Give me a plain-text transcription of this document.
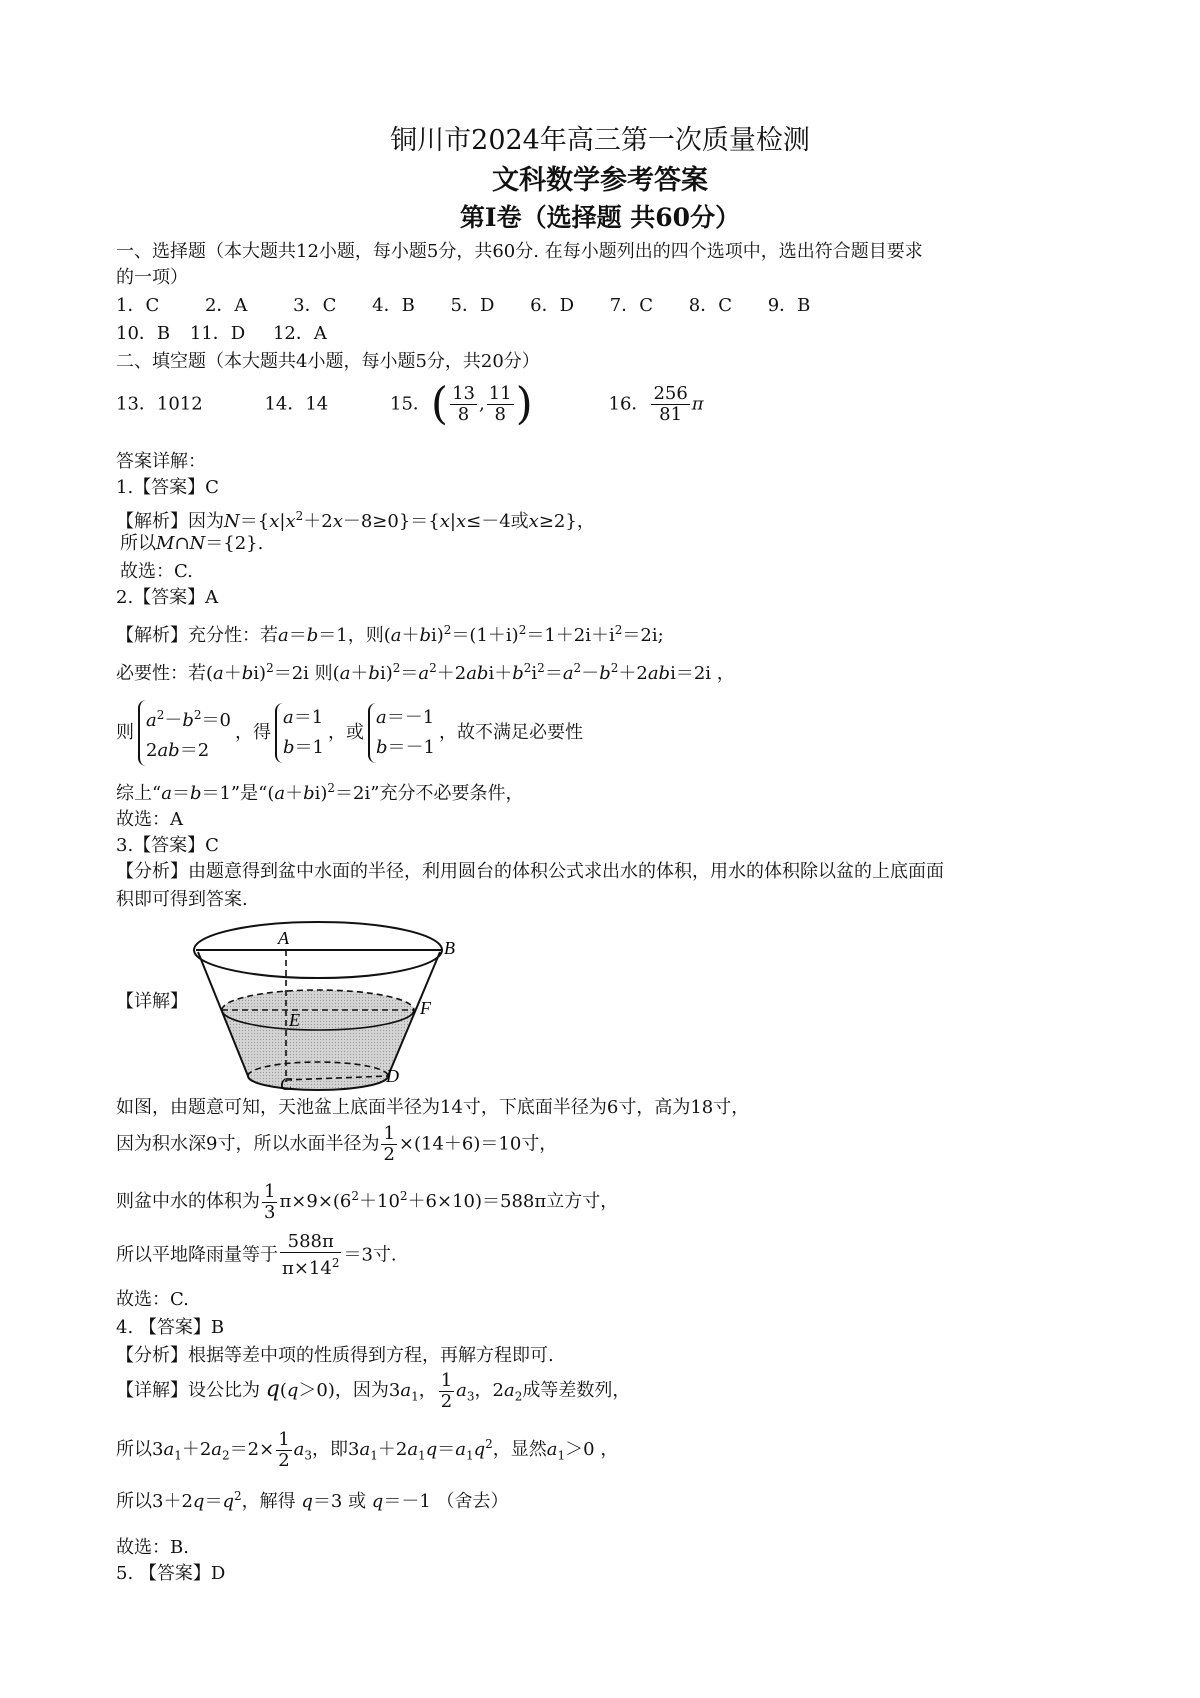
铜川市2024年高三第一次质量检测
文科数学参考答案
第I卷（选择题 共60分）
一、选择题（本大题共12小题，每小题5分，共60分. 在每小题列出的四个选项中，选出符合题目要求
的一项）
1．C	2．A	3．C 4．B 5．D 6．D 7．C 8．C 9．B
10．B 11．D 12．A
二、填空题（本大题共4小题，每小题5分，共20分）
13．1012	14．14	15．( $\frac{13}{8}$ , $\frac{11}{8}$ )	16． $\frac{256}{81}$ π
答案详解：
1.【答案】C
【解析】因为$N=\{x|x^2+2x-8\ge 0\}=\{x|x\le-4$或x≥2}，
所以M∩N＝{2}.
故选：C.
2.【答案】A
【解析】充分性：若a＝b＝1，则$(a+bi)^2=(1+i)^2=1+2i+i^2=2i$;
必要性：若$(a+bi)^2=2i$ 则$(a+bi)^2=a^2+2abi+b^2i^2=a^2-b^2+2abi=2i$ ，
则
$a^2-b^2=0$
2ab＝2
，得
a＝1
b＝1
，或
a＝－1
b＝－1
，故不满足必要性
综上“a＝b＝1”是“$(a+bi)^2=2i$”充分不必要条件，
故选：A
3.【答案】C
【分析】由题意得到盆中水面的半径，利用圆台的体积公式求出水的体积，用水的体积除以盆的上底面面
积即可得到答案.
【详解】
A	B
E
F
C	D
如图，由题意可知，天池盆上底面半径为14寸，下底面半径为6寸，高为18寸，
因为积水深9寸，所以水面半径为 $\frac{1}{2} \times(14+6)=10$寸，
则盆中水的体积为 $\frac{1}{3} \pi\times 9\times(6^2+10^2+6\times 10)=588\pi$立方寸，
所以平地降雨量等于 $\frac{588\pi}{\pi\times 14^2} =3$寸.
故选：C.
4. 【答案】B
【分析】根据等差中项的性质得到方程，再解方程即可.
【详解】设公比为 q(q＞0)，因为$3a_1$， $\frac{1}{2} a_3$，$2a_2$成等差数列，
所以$3a_1+2a_2=2\times \frac{1}{2} a_3$，即$3a_1+2a_1q=a_1q^2$，显然$a_1>0$ ，
所以$3+2q=q^2$，解得 q＝3 或 q＝－1 （舍去）
故选：B.
5. 【答案】D
